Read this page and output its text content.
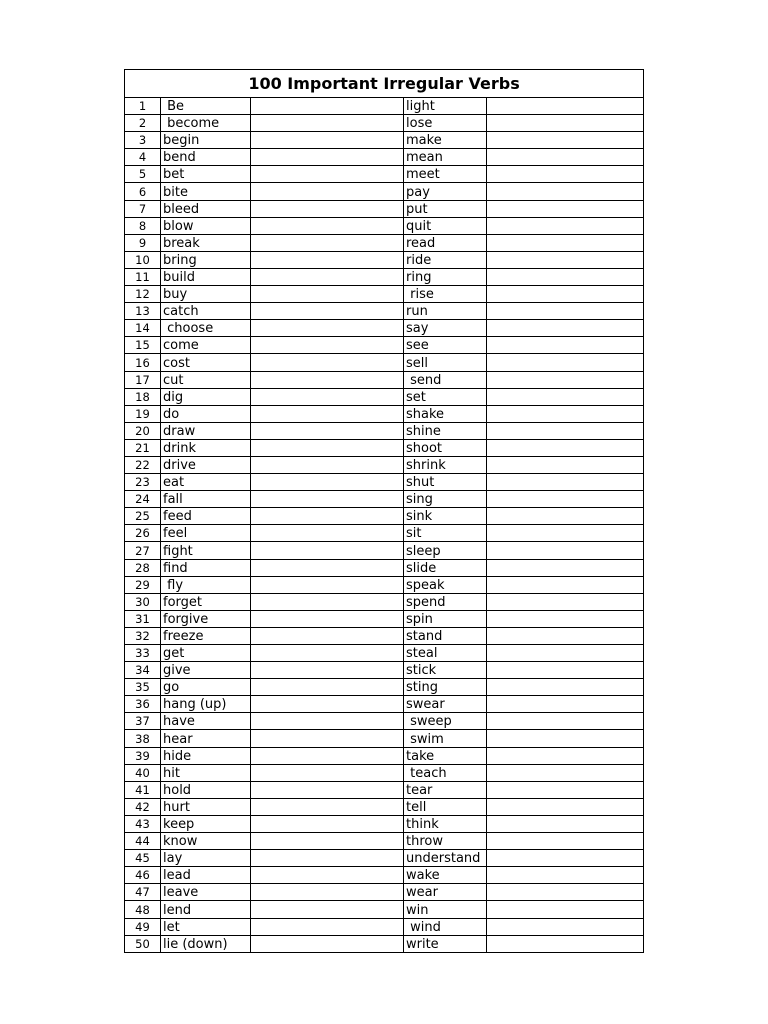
100 Important Irregular Verbs				
1	Be		light	
2	become		lose	
3	begin		make	
4	bend		mean	
5	bet		meet	
6	bite		pay	
7	bleed		put	
8	blow		quit	
9	break		read	
10	bring		ride	
11	build		ring	
12	buy		rise	
13	catch		run	
14	choose		say	
15	come		see	
16	cost		sell	
17	cut		send	
18	dig		set	
19	do		shake	
20	draw		shine	
21	drink		shoot	
22	drive		shrink	
23	eat		shut	
24	fall		sing	
25	feed		sink	
26	feel		sit	
27	fight		sleep	
28	find		slide	
29	fly		speak	
30	forget		spend	
31	forgive		spin	
32	freeze		stand	
33	get		steal	
34	give		stick	
35	go		sting	
36	hang (up)		swear	
37	have		sweep	
38	hear		swim	
39	hide		take	
40	hit		teach	
41	hold		tear	
42	hurt		tell	
43	keep		think	
44	know		throw	
45	lay		understand	
46	lead		wake	
47	leave		wear	
48	lend		win	
49	let		wind	
50	lie (down)		write	
